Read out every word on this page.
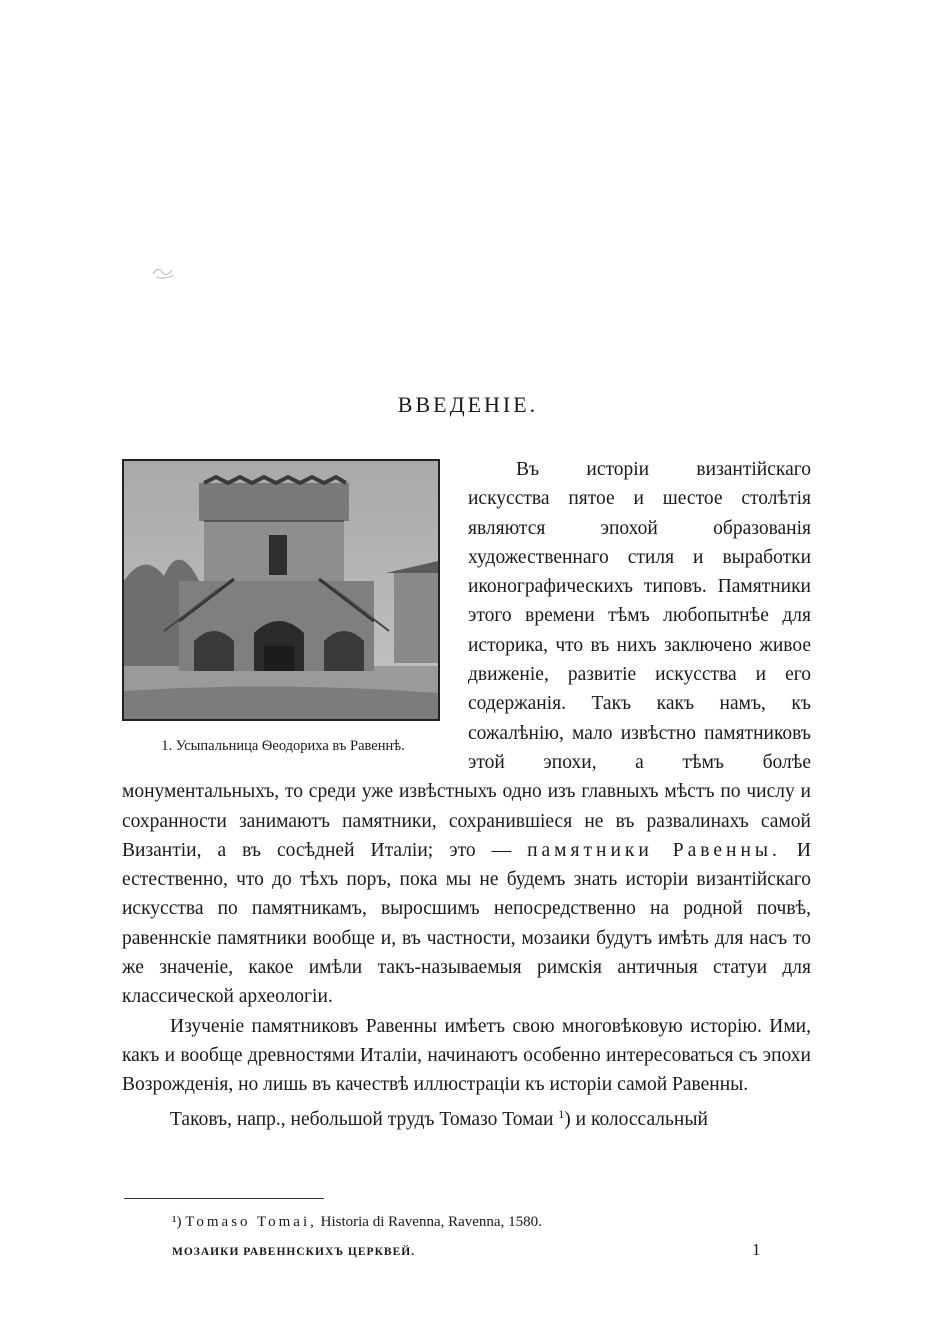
ВВЕДЕНІЕ.
1. Усыпальница Ѳеодориха въ Равеннѣ.

Въ исторіи византійскаго искусства пятое и шестое столѣтія являются эпохой образованія художественнаго стиля и выработки иконографическихъ типовъ. Памятники этого времени тѣмъ любопытнѣе для историка, что въ нихъ заключено живое движеніе, развитіе искусства и его содержанія. Такъ какъ намъ, къ сожалѣнію, мало извѣстно памятниковъ этой эпохи, а тѣмъ болѣе монументальныхъ, то среди уже извѣстныхъ одно изъ главныхъ мѣстъ по числу и сохранности занимаютъ памятники, сохранившіеся не въ развалинахъ самой Византіи, а въ сосѣдней Италіи; это — памятники Равенны. И естественно, что до тѣхъ поръ, пока мы не будемъ знать исторіи византійскаго искусства по памятникамъ, выросшимъ непосредственно на родной почвѣ, равеннскіе памятники вообще и, въ частности, мозаики будутъ имѣть для насъ то же значеніе, какое имѣли такъ-называемыя римскія античныя статуи для классической археологіи.

Изученіе памятниковъ Равенны имѣетъ свою многовѣковую исторію. Ими, какъ и вообще древностями Италіи, начинаютъ особенно интересоваться съ эпохи Возрожденія, но лишь въ качествѣ иллюстраціи къ исторіи самой Равенны.

Таковъ, напр., небольшой трудъ Томазо Томаи $^1$) и колоссальный

¹) Tomaso Tomai, Historia di Ravenna, Ravenna, 1580.
МОЗАИКИ РАВЕННСКИХЪ ЦЕРКВЕЙ.	1
